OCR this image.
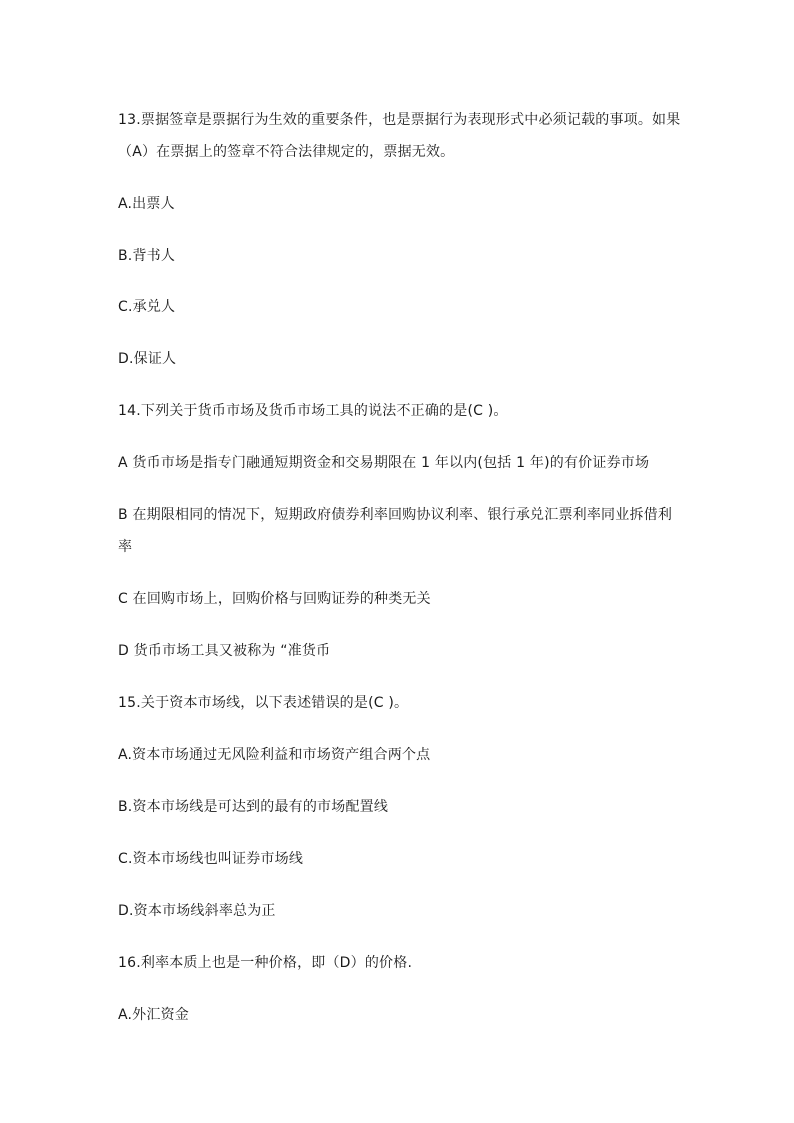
13.票据签章是票据行为生效的重要条件，也是票据行为表现形式中必须记载的事项。如果
（A）在票据上的签章不符合法律规定的，票据无效。
A.出票人
B.背书人
C.承兑人
D.保证人
14.下列关于货币市场及货币市场工具的说法不正确的是(C )。
A 货币市场是指专门融通短期资金和交易期限在 1 年以内(包括 1 年)的有价证券市场
B 在期限相同的情况下，短期政府债券利率回购协议利率、银行承兑汇票利率同业拆借利
率
C 在回购市场上，回购价格与回购证券的种类无关
D 货币市场工具又被称为 “准货币
15.关于资本市场线，以下表述错误的是(C )。
A.资本市场通过无风险利益和市场资产组合两个点
B.资本市场线是可达到的最有的市场配置线
C.资本市场线也叫证券市场线
D.资本市场线斜率总为正
16.利率本质上也是一种价格，即（D）的价格.
A.外汇资金
